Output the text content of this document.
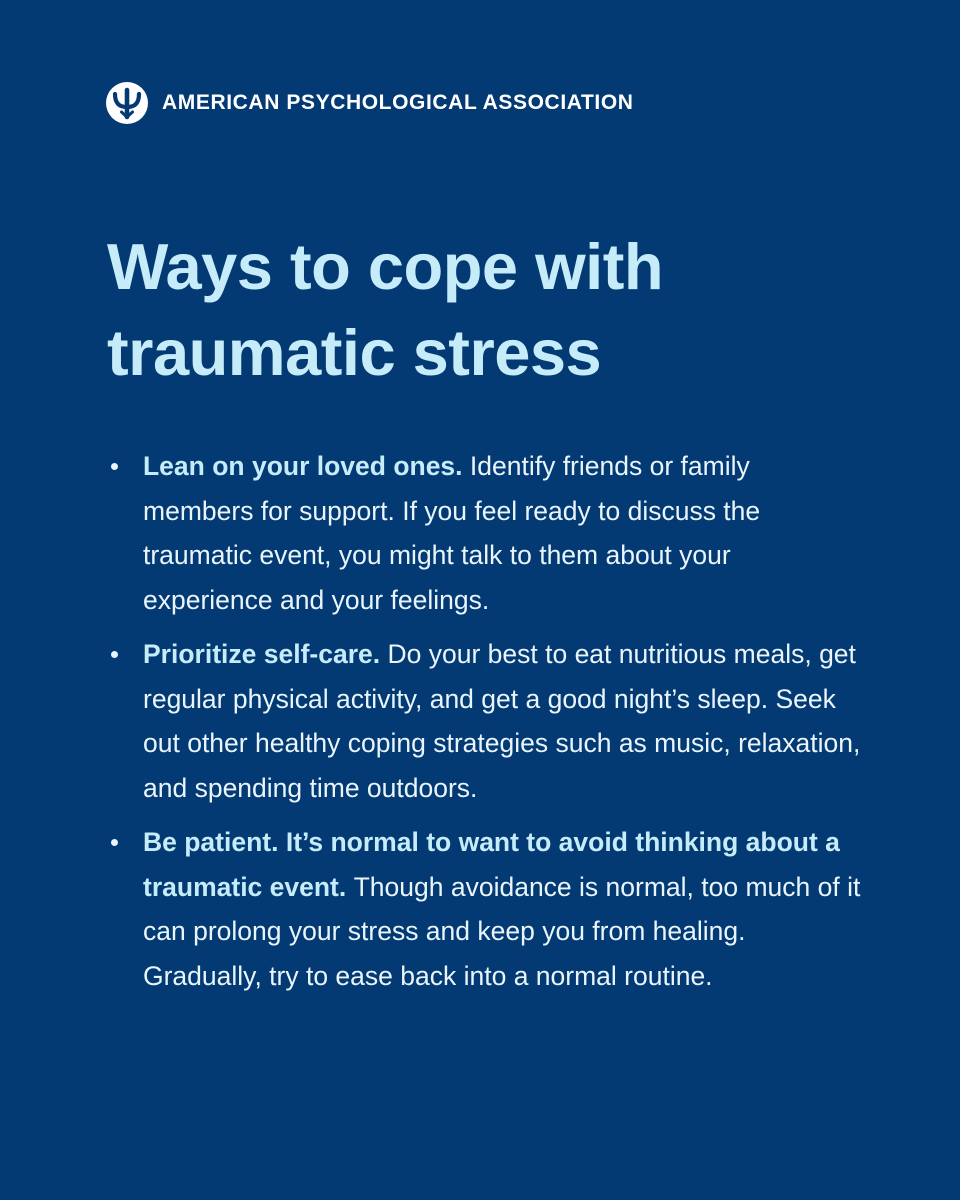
AMERICAN PSYCHOLOGICAL ASSOCIATION
Ways to cope with traumatic stress
Lean on your loved ones. Identify friends or family members for support. If you feel ready to discuss the traumatic event, you might talk to them about your experience and your feelings.
Prioritize self-care. Do your best to eat nutritious meals, get regular physical activity, and get a good night’s sleep. Seek out other healthy coping strategies such as music, relaxation, and spending time outdoors.
Be patient. It’s normal to want to avoid thinking about a traumatic event. Though avoidance is normal, too much of it can prolong your stress and keep you from healing. Gradually, try to ease back into a normal routine.
